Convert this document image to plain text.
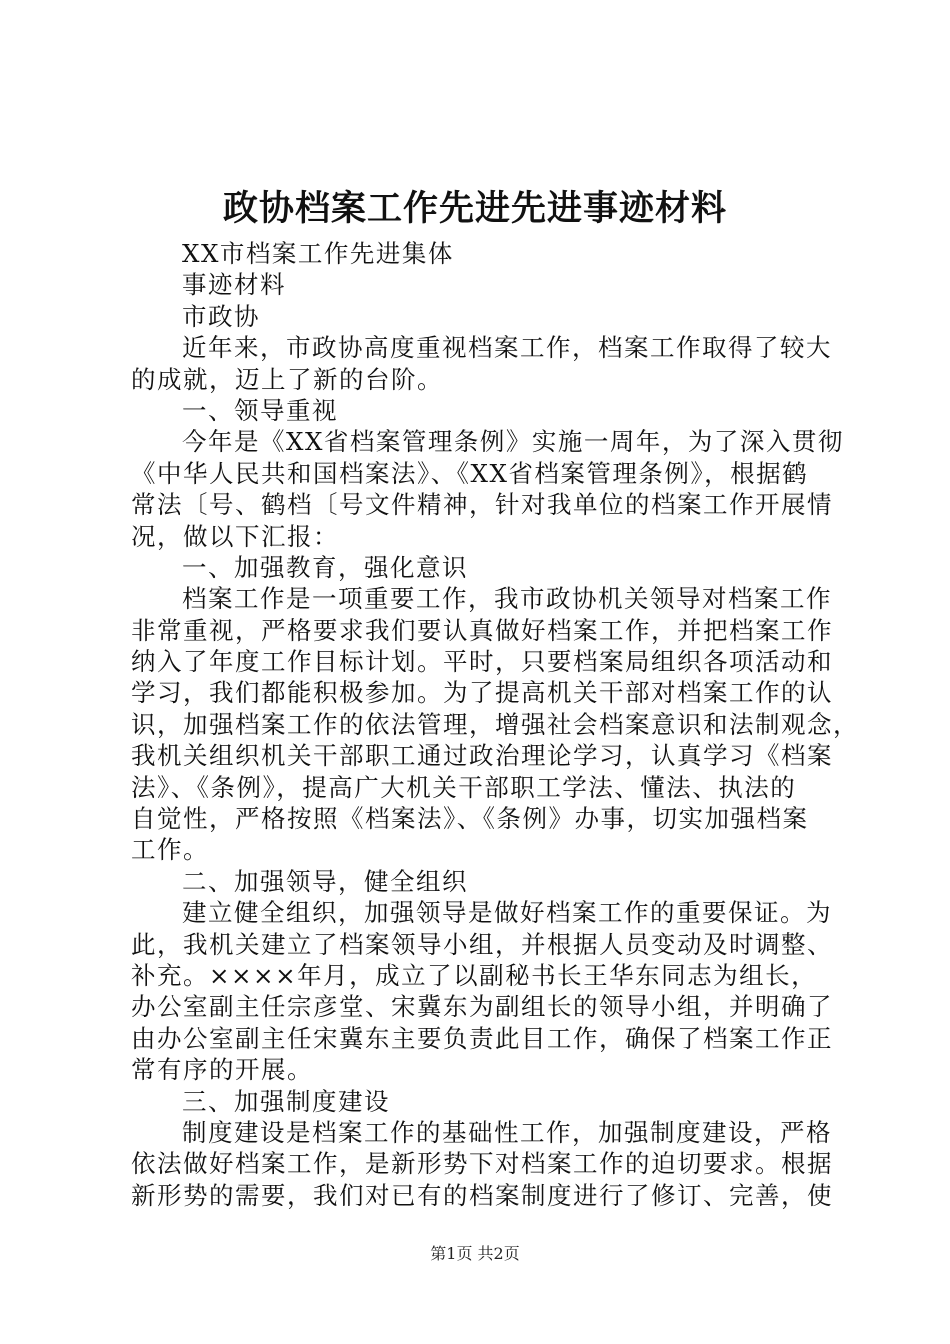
政协档案工作先进先进事迹材料
XX市档案工作先进集体
事迹材料
市政协
近年来，市政协高度重视档案工作，档案工作取得了较大
的成就，迈上了新的台阶。
一、领导重视
今年是《XX省档案管理条例》实施一周年，为了深入贯彻
《中华人民共和国档案法》、《XX省档案管理条例》，根据鹤
常法〔号、鹤档〔号文件精神，针对我单位的档案工作开展情
况，做以下汇报：
一、加强教育，强化意识
档案工作是一项重要工作，我市政协机关领导对档案工作
非常重视，严格要求我们要认真做好档案工作，并把档案工作
纳入了年度工作目标计划。平时，只要档案局组织各项活动和
学习，我们都能积极参加。为了提高机关干部对档案工作的认
识，加强档案工作的依法管理，增强社会档案意识和法制观念，
我机关组织机关干部职工通过政治理论学习，认真学习《档案
法》、《条例》，提高广大机关干部职工学法、懂法、执法的
自觉性，严格按照《档案法》、《条例》办事，切实加强档案
工作。
二、加强领导，健全组织
建立健全组织，加强领导是做好档案工作的重要保证。为
此，我机关建立了档案领导小组，并根据人员变动及时调整、
补充。××××年月，成立了以副秘书长王华东同志为组长，
办公室副主任宗彦堂、宋冀东为副组长的领导小组，并明确了
由办公室副主任宋冀东主要负责此目工作，确保了档案工作正
常有序的开展。
三、加强制度建设
制度建设是档案工作的基础性工作，加强制度建设，严格
依法做好档案工作，是新形势下对档案工作的迫切要求。根据
新形势的需要，我们对已有的档案制度进行了修订、完善，使
第1页 共2页
